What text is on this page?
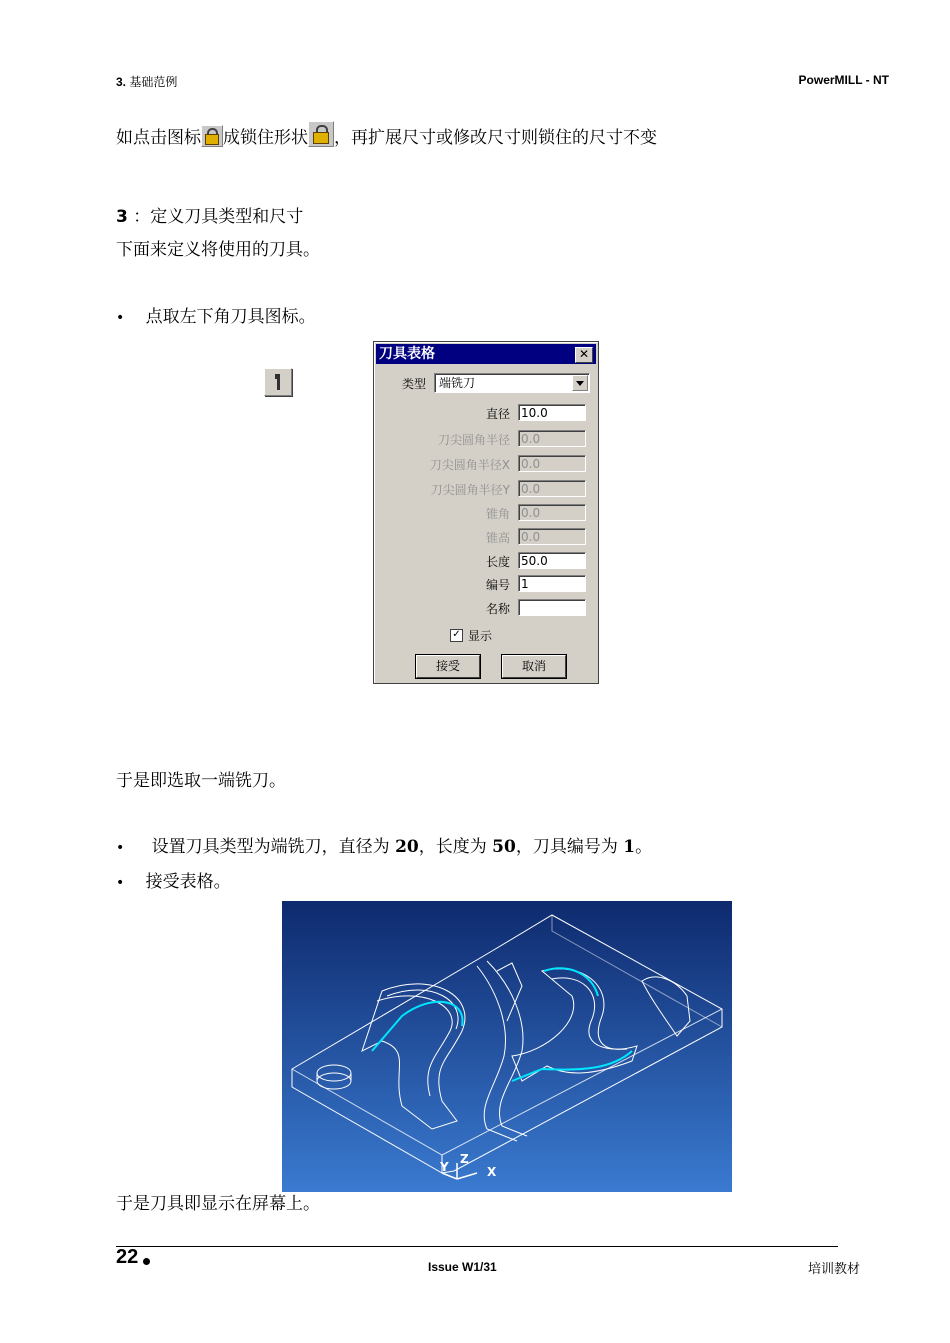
3. 基础范例	PowerMILL - NT
如点击图标 成锁住形状 ，再扩展尺寸或修改尺寸则锁住的尺寸不变
3 ：定义刀具类型和尺寸
下面来定义将使用的刀具。
• 点取左下角刀具图标。
刀具表格	✕
类型	端铣刀
直径 10.0
刀尖圆角半径 0.0
刀尖圆角半径X 0.0
刀尖圆角半径Y 0.0
锥角 0.0
锥高 0.0
长度 50.0
编号 1
名称
✓ 显示
接受	取消
于是即选取一端铣刀。
• 设置刀具类型为端铣刀，直径为 20，长度为 50，刀具编号为 1。
• 接受表格。
Z
Y	X
于是刀具即显示在屏幕上。
22	Issue W1/31	培训教材
